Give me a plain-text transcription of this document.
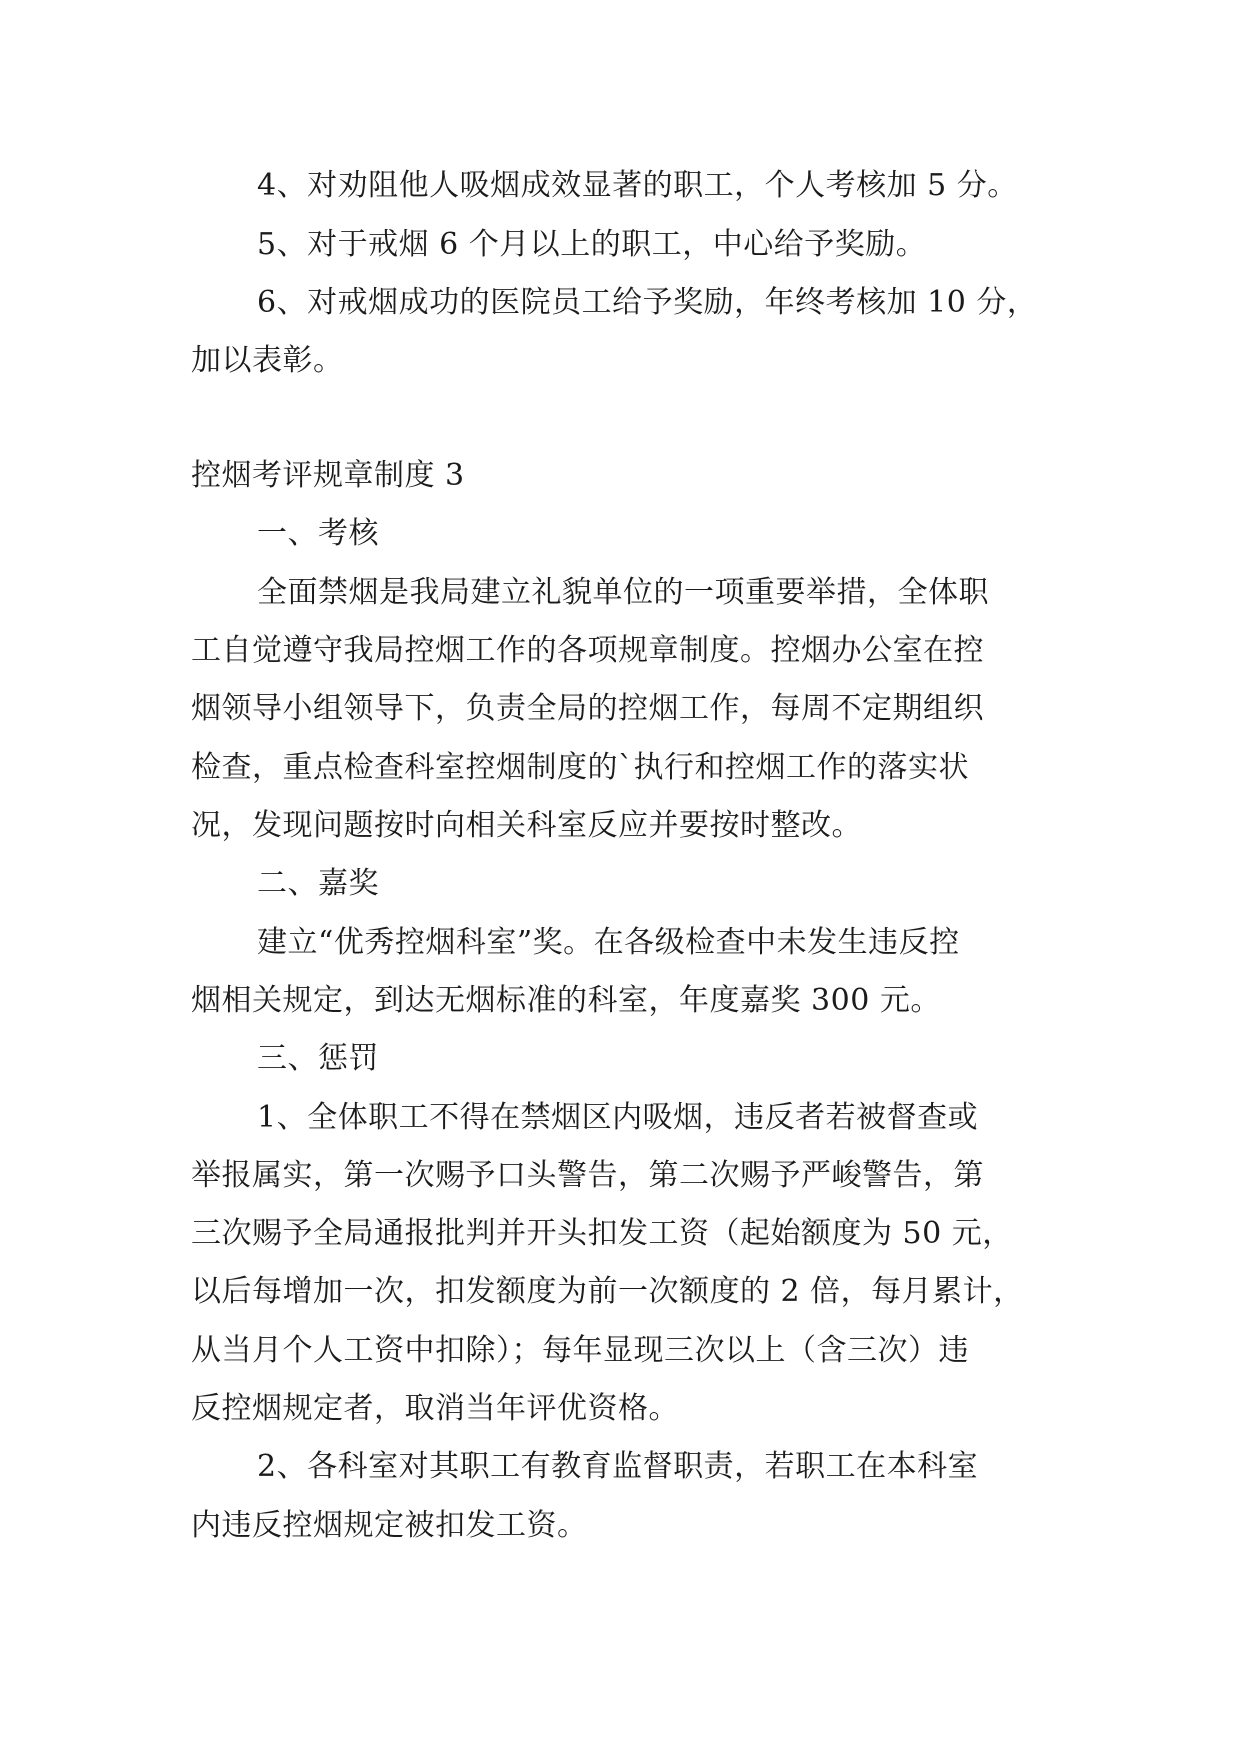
4、对劝阻他人吸烟成效显著的职工，个人考核加 5 分。
5、对于戒烟 6 个月以上的职工，中心给予奖励。
6、对戒烟成功的医院员工给予奖励，年终考核加 10 分，
加以表彰。
控烟考评规章制度 3
一、考核
全面禁烟是我局建立礼貌单位的一项重要举措，全体职
工自觉遵守我局控烟工作的各项规章制度。控烟办公室在控
烟领导小组领导下，负责全局的控烟工作，每周不定期组织
检查，重点检查科室控烟制度的`执行和控烟工作的落实状
况，发现问题按时向相关科室反应并要按时整改。
二、嘉奖
建立“优秀控烟科室”奖。在各级检查中未发生违反控
烟相关规定，到达无烟标准的科室，年度嘉奖 300 元。
三、惩罚
1、全体职工不得在禁烟区内吸烟，违反者若被督查或
举报属实，第一次赐予口头警告，第二次赐予严峻警告，第
三次赐予全局通报批判并开头扣发工资（起始额度为 50 元，
以后每增加一次，扣发额度为前一次额度的 2 倍，每月累计，
从当月个人工资中扣除）；每年显现三次以上（含三次）违
反控烟规定者，取消当年评优资格。
2、各科室对其职工有教育监督职责，若职工在本科室
内违反控烟规定被扣发工资。
